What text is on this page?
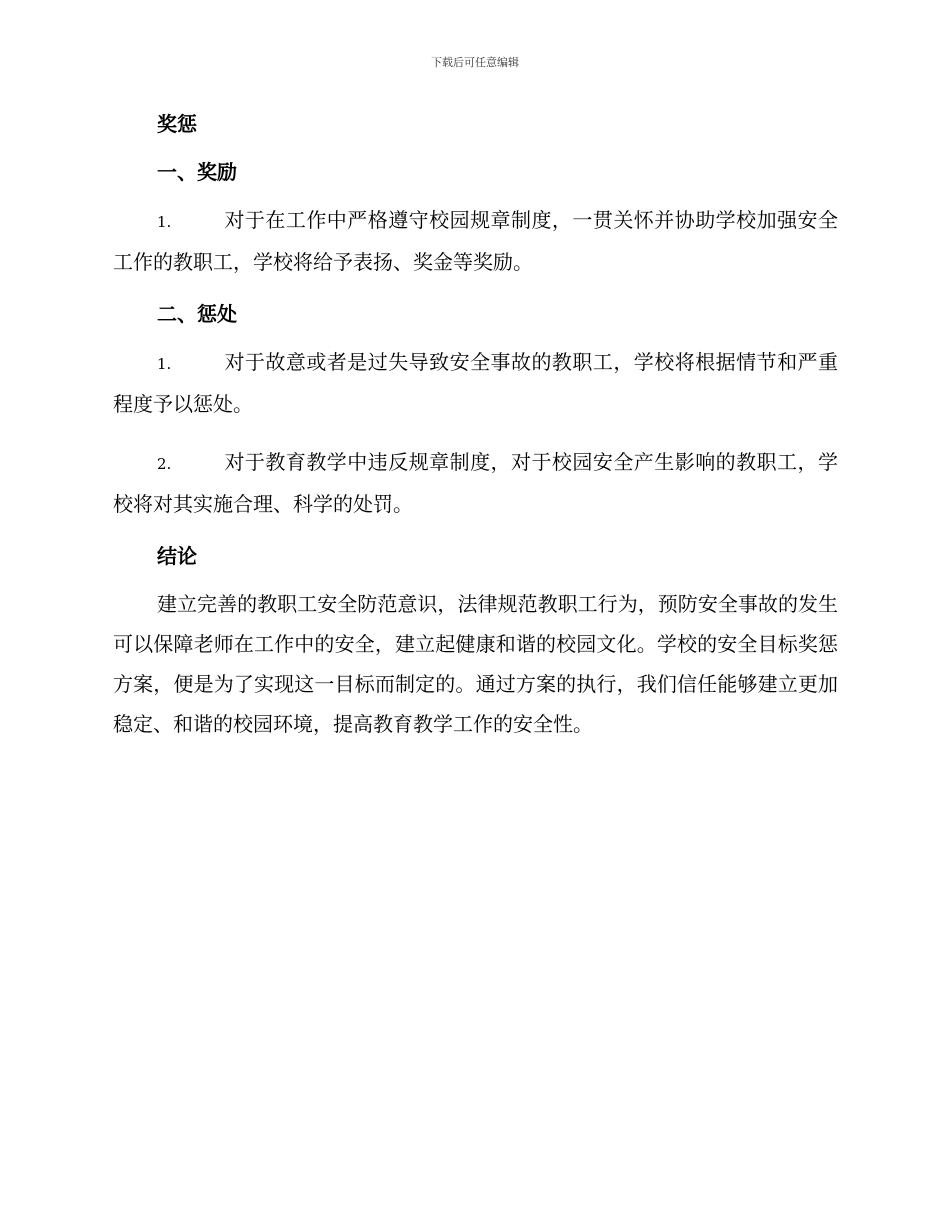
下载后可任意编辑
奖惩
一、奖励

1.	对于在工作中严格遵守校园规章制度，一贯关怀并协助学校加强安全工作的教职工，学校将给予表扬、奖金等奖励。

二、惩处

1.	对于故意或者是过失导致安全事故的教职工，学校将根据情节和严重程度予以惩处。

2.	对于教育教学中违反规章制度，对于校园安全产生影响的教职工，学校将对其实施合理、科学的处罚。

结论

建立完善的教职工安全防范意识，法律规范教职工行为，预防安全事故的发生可以保障老师在工作中的安全，建立起健康和谐的校园文化。学校的安全目标奖惩方案，便是为了实现这一目标而制定的。通过方案的执行，我们信任能够建立更加稳定、和谐的校园环境，提高教育教学工作的安全性。
